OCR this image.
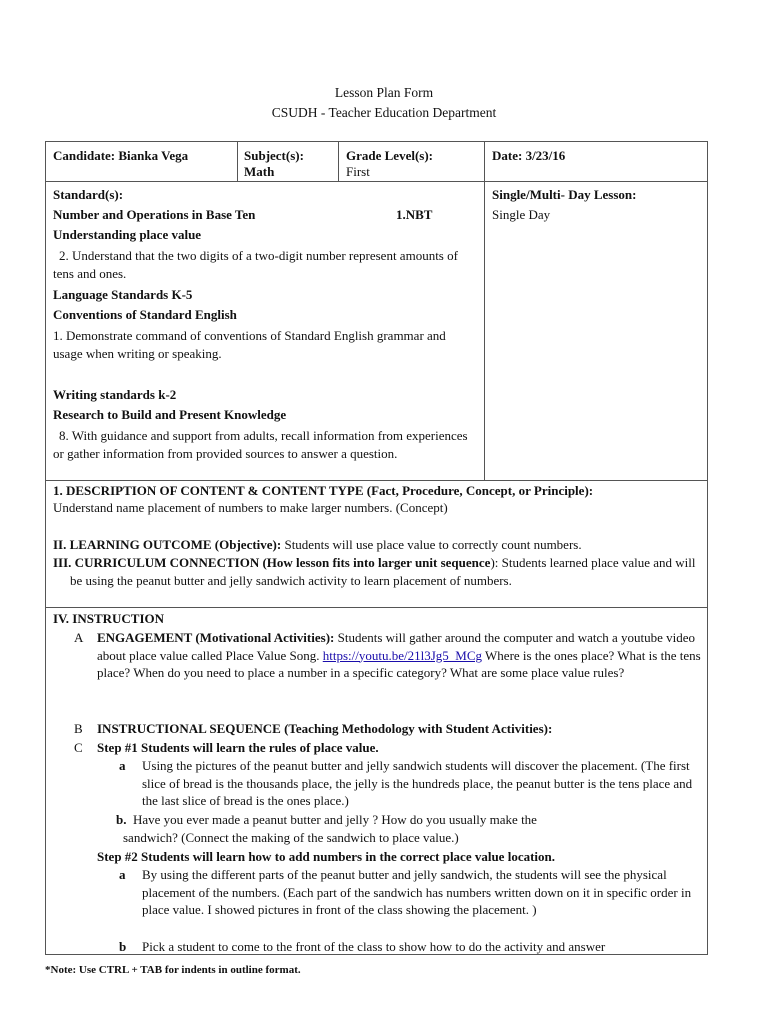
Lesson Plan Form
CSUDH - Teacher Education Department
Candidate: Bianka Vega	Subject(s):
Math
Grade Level(s):
First
Date: 3/23/16
Standard(s):
Number and Operations in Base Ten	1.NBT
Understanding place value
2. Understand that the two digits of a two-digit number represent amounts of tens and ones.
Language Standards K-5
Conventions of Standard English
1. Demonstrate command of conventions of Standard English grammar and usage when writing or speaking.
Writing standards k-2
Research to Build and Present Knowledge
8. With guidance and support from adults, recall information from experiences or gather information from provided sources to answer a question.
Single/Multi- Day Lesson:
Single Day
1. DESCRIPTION OF CONTENT & CONTENT TYPE (Fact, Procedure, Concept, or Principle):
Understand name placement of numbers to make larger numbers. (Concept)
II. LEARNING OUTCOME (Objective): Students will use place value to correctly count numbers.
III. CURRICULUM CONNECTION (How lesson fits into larger unit sequence): Students learned place value and will be using the peanut butter and jelly sandwich activity to learn placement of numbers.
IV. INSTRUCTION
A ENGAGEMENT (Motivational Activities): Students will gather around the computer and watch a youtube video about place value called Place Value Song. https://youtu.be/21l3Jg5_MCg Where is the ones place? What is the tens place? When do you need to place a number in a specific category? What are some place value rules?
B INSTRUCTIONAL SEQUENCE (Teaching Methodology with Student Activities):
C Step #1 Students will learn the rules of place value.
a Using the pictures of the peanut butter and jelly sandwich students will discover the placement. (The first slice of bread is the thousands place, the jelly is the hundreds place, the peanut butter is the tens place and the last slice of bread is the ones place.)
b. Have you ever made a peanut butter and jelly ? How do you usually make the
sandwich? (Connect the making of the sandwich to place value.)
Step #2 Students will learn how to add numbers in the correct place value location.
a By using the different parts of the peanut butter and jelly sandwich, the students will see the physical placement of the numbers. (Each part of the sandwich has numbers written down on it in specific order in place value. I showed pictures in front of the class showing the placement. )
b Pick a student to come to the front of the class to show how to do the activity and answer
*Note: Use CTRL + TAB for indents in outline format.
